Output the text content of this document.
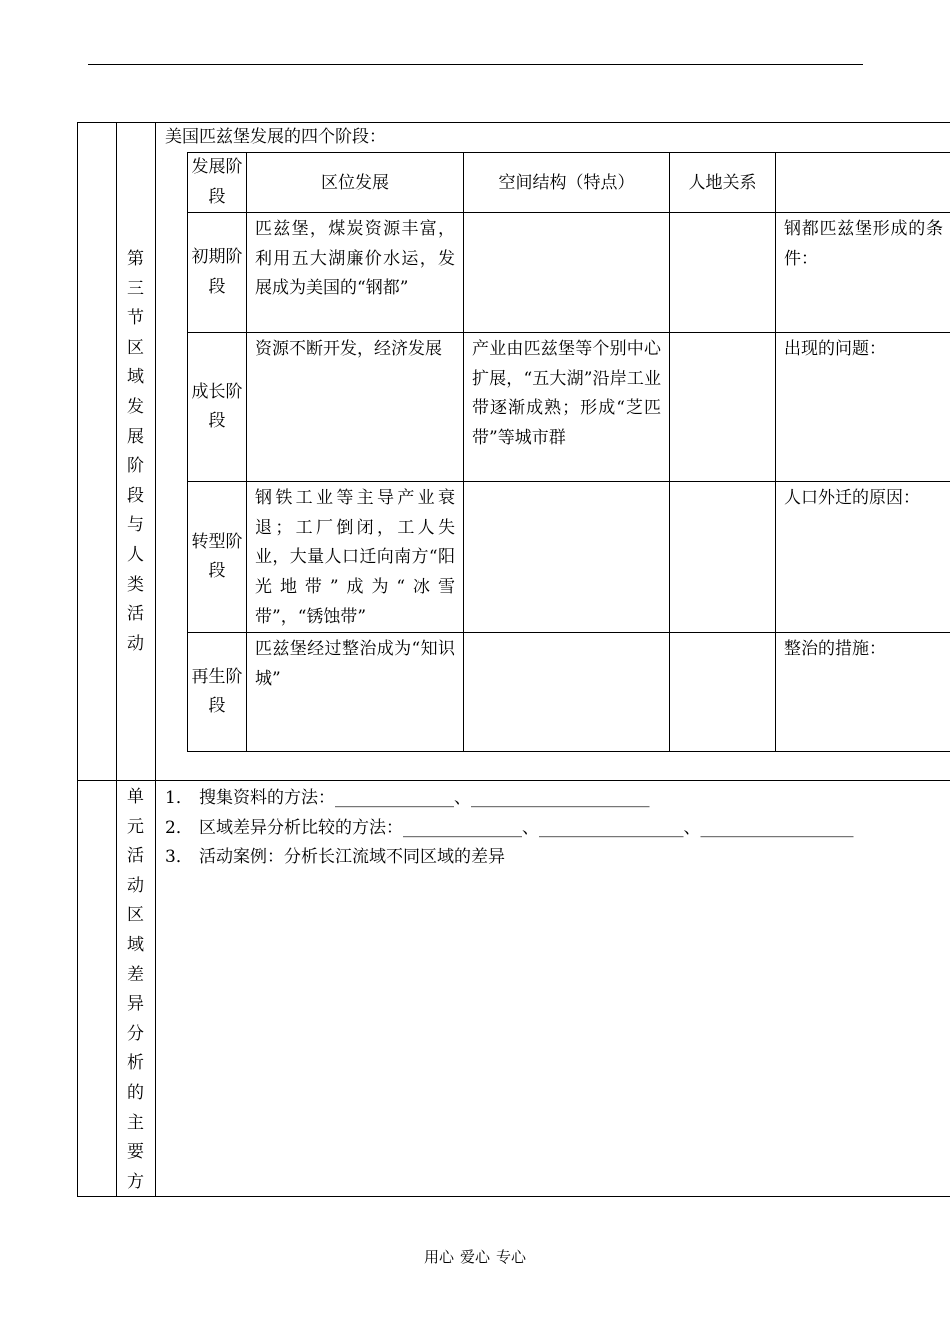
第
三
节
区
域
发
展
阶
段
与
人
类
活
动
美国匹兹堡发展的四个阶段：
发展阶段	区位发展	空间结构（特点）	人地关系	
初期阶段	匹兹堡，煤炭资源丰富，利用五大湖廉价水运，发展成为美国的“钢都”			钢都匹兹堡形成的条件：
成长阶段	资源不断开发，经济发展	产业由匹兹堡等个别中心扩展，“五大湖”沿岸工业带逐渐成熟；形成“芝匹带”等城市群		出现的问题：
转型阶段	钢铁工业等主导产业衰退；工厂倒闭，工人失业，大量人口迁向南方“阳光地带”成为“冰雪带”，“锈蚀带”			人口外迁的原因：
再生阶段	匹兹堡经过整治成为“知识城”			整治的措施：
单
元
活
动
区
域
差
异
分
析
的
主
要
方
1． 搜集资料的方法：______________、_____________________
2． 区域差异分析比较的方法：______________、_________________、__________________
3． 活动案例：分析长江流域不同区域的差异
用心 爱心 专心
